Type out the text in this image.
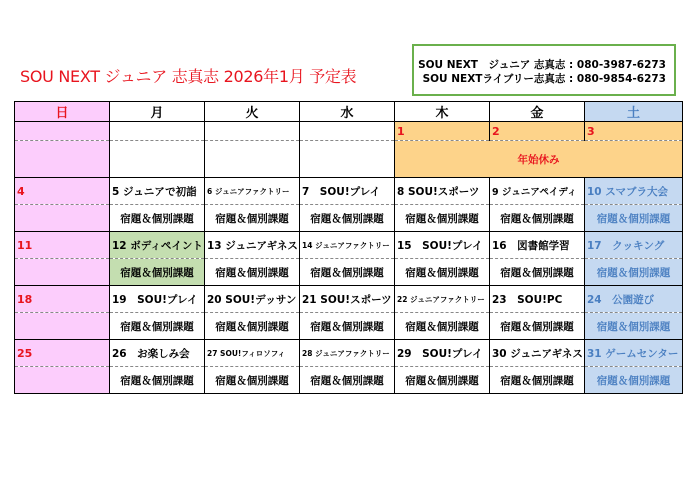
SOU NEXT ジュニア 志真志 2026年1月 予定表
SOU NEXT　ジュニア 志真志 : 080-3987-6273
SOU NEXTライブリー志真志 : 080-9854-6273
日	月	火	水	木	金	土
				1	2	3

				年始休み		

4	5 ジュニアで初詣	6 ジュニアファクトリー	7　SOU!プレイ	8 SOU!スポーツ	9 ジュニアペイディ	10 スマブラ大会
	宿題＆個別課題	宿題＆個別課題	宿題＆個別課題	宿題＆個別課題	宿題＆個別課題	宿題＆個別課題
11	12 ボディペイント	13 ジュニアギネス	14 ジュニアファクトリー	15　SOU!プレイ	16　図書館学習	17　クッキング
	宿題＆個別課題	宿題＆個別課題	宿題＆個別課題	宿題＆個別課題	宿題＆個別課題	宿題＆個別課題
18	19　SOU!プレイ	20 SOU!デッサン	21 SOU!スポーツ	22 ジュニアファクトリー	23　SOU!PC	24　公園遊び
	宿題＆個別課題	宿題＆個別課題	宿題＆個別課題	宿題＆個別課題	宿題＆個別課題	宿題＆個別課題
25	26　お楽しみ会	27 SOU!フィロソフィ	28 ジュニアファクトリー	29　SOU!プレイ	30 ジュニアギネス	31 ゲームセンター
	宿題＆個別課題	宿題＆個別課題	宿題＆個別課題	宿題＆個別課題	宿題＆個別課題	宿題＆個別課題
